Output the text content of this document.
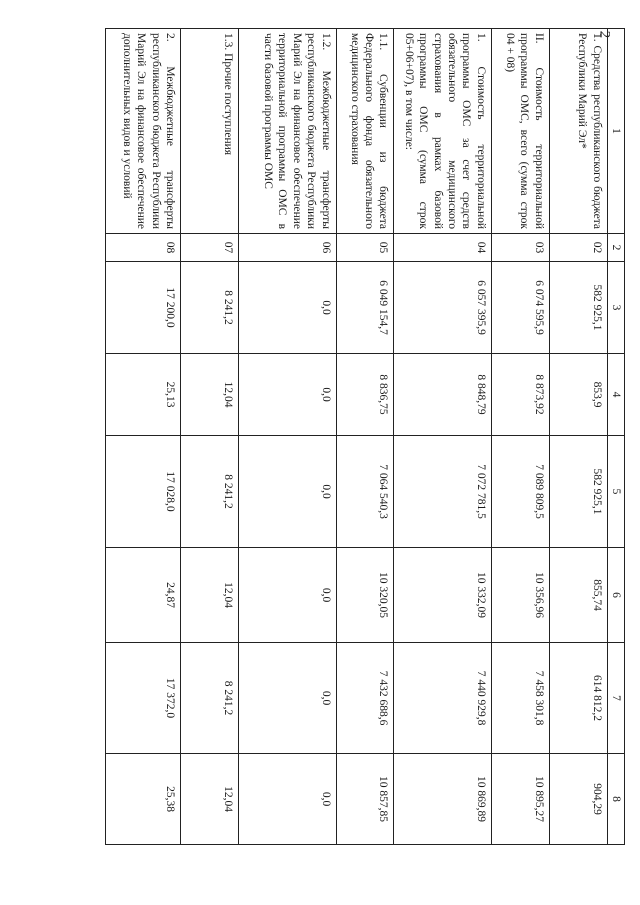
2
1	2	3	4	5	6	7	8
1. Средства республиканского бюджета Республики Марий Эл*	02	582 925,1	853,9	582 925,1	855,74	614 812,2	904,29
II. Стоимость территориальной программы ОМС, всего (сумма строк 04 + 08)	03	6 074 595,9	8 873,92	7 089 809,5	10 356,96	7 458 301,8	10 895,27
1. Стоимость территориальной программы ОМС за счет средств обязательного медицинского страхования в рамках базовой программы ОМС (сумма строк 05+06+07), в том числе:	04	6 057 395,9	8 848,79	7 072 781,5	10 332,09	7 440 929,8	10 869,89
1.1. Субвенции из бюджета Федерального фонда обязательного медицинского страхования	05	6 049 154,7	8 836,75	7 064 540,3	10 320,05	7 432 688,6	10 857,85
1.2. Межбюджетные трансферты республиканского бюджета Республики Марий Эл на финансовое обеспечение территориальной программы ОМС в части базовой программы ОМС	06	0,0	0,0	0,0	0,0	0,0	0,0
1.3. Прочие поступления	07	8 241,2	12,04	8 241,2	12,04	8 241,2	12,04
2. Межбюджетные трансферты республиканского бюджета Республики Марий Эл на финансовое обеспечение дополнительных видов и условий	08	17 200,0	25,13	17 028,0	24,87	17 372,0	25,38
